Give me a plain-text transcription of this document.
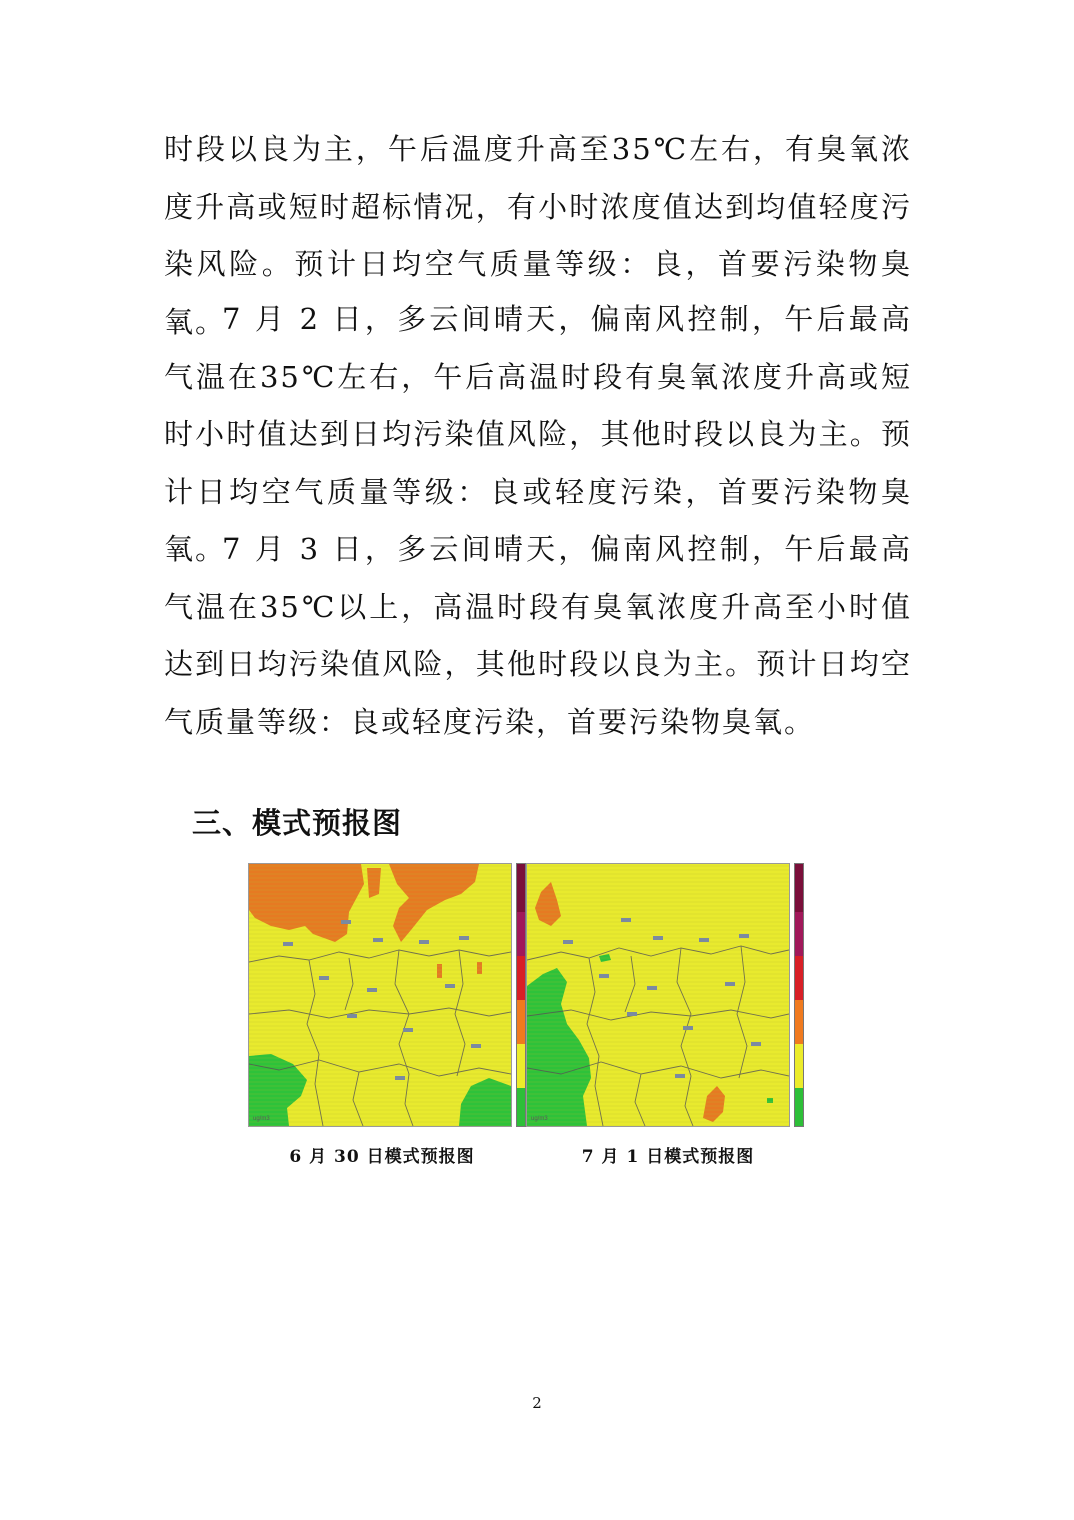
时段以良为主，午后温度升高至35℃左右，有臭氧浓度升高或短时超标情况，有小时浓度值达到均值轻度污染风险。预计日均空气质量等级：良，首要污染物臭氧。

7 月 2 日，多云间晴天，偏南风控制，午后最高气温在35℃左右，午后高温时段有臭氧浓度升高或短时小时值达到日均污染值风险，其他时段以良为主。预计日均空气质量等级：良或轻度污染，首要污染物臭氧。

7 月 3 日，多云间晴天，偏南风控制，午后最高气温在35℃以上，高温时段有臭氧浓度升高至小时值达到日均污染值风险，其他时段以良为主。预计日均空气质量等级：良或轻度污染，首要污染物臭氧。

三、模式预报图
ug/m3	ug/m3

6 月 30 日模式预报图	7 月 1 日模式预报图

2
